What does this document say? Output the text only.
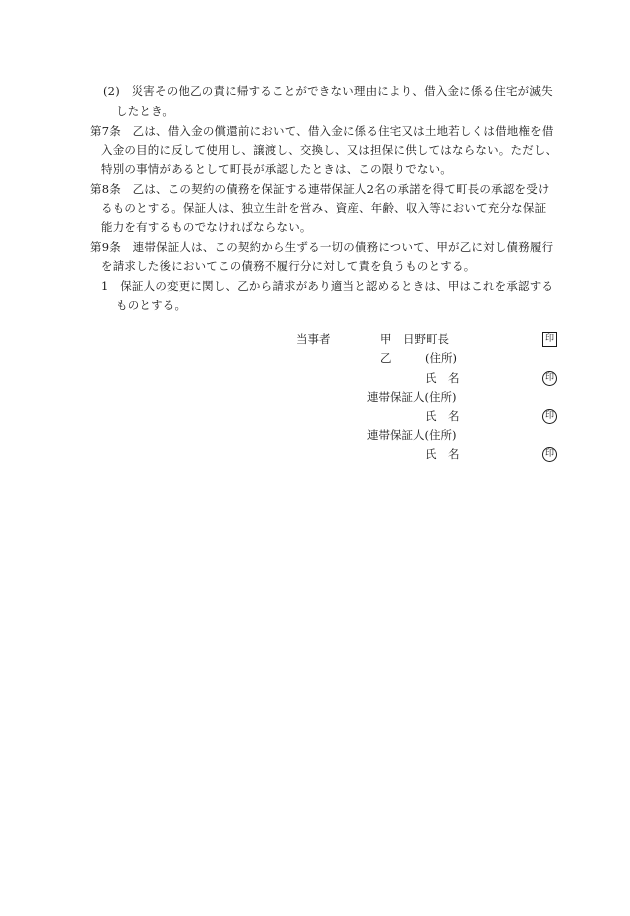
(2)　災害その他乙の責に帰することができない理由により、借入金に係る住宅が滅失
したとき。
第7条　乙は、借入金の償還前において、借入金に係る住宅又は土地若しくは借地権を借
入金の目的に反して使用し、譲渡し、交換し、又は担保に供してはならない。ただし、
特別の事情があるとして町長が承認したときは、この限りでない。
第8条　乙は、この契約の債務を保証する連帯保証人2名の承諾を得て町長の承認を受け
るものとする。保証人は、独立生計を営み、資産、年齢、収入等において充分な保証
能力を有するものでなければならない。
第9条　連帯保証人は、この契約から生ずる一切の債務について、甲が乙に対し債務履行
を請求した後においてこの債務不履行分に対して責を負うものとする。
1　保証人の変更に関し、乙から請求があり適当と認めるときは、甲はこれを承認する
ものとする。
当事者	甲　日野町長	印
乙	(住所)
氏　名	印
連帯保証人(住所)
氏　名	印
連帯保証人(住所)
氏　名	印
